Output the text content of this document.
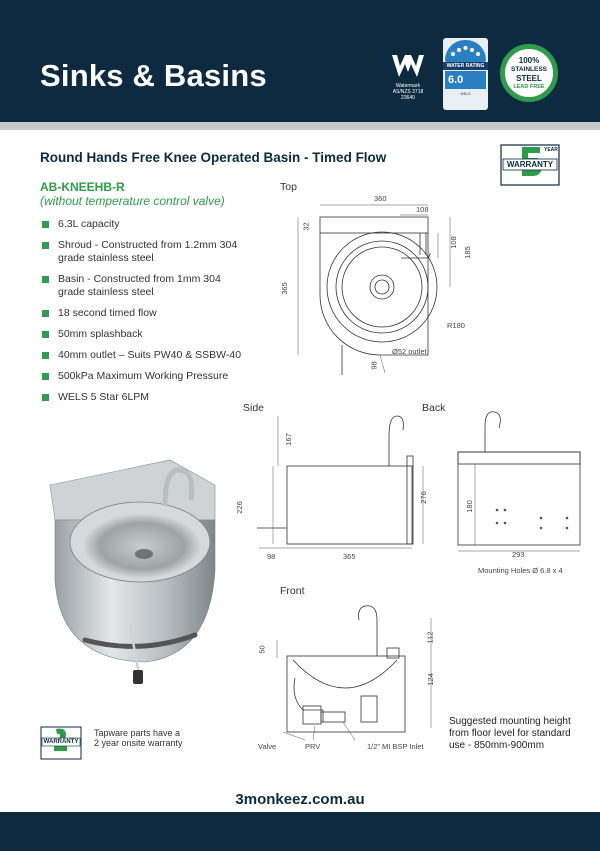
Sinks & Basins	Watermark
AS/NZS 3718
23640
WATER RATING
6.0
WELS
100%
STAINLESS
STEEL
LEAD FREE
Round Hands Free Knee Operated Basin - Timed Flow	WARRANTY
YEAR
AB-KNEEHB-R
(without temperature control valve)
6.3L capacity
Shroud - Constructed from 1.2mm 304 grade stainless steel
Basin - Constructed from 1mm 304 grade stainless steel
18 second timed flow
50mm splashback
40mm outlet – Suits PW40 & SSBW-40
500kPa Maximum Working Pressure
WELS 5 Star 6LPM
Top
360
108
32
108
185
365
R180
Ø52 outlet
98
Side
167
226
276
98	365
Back
180
293
Mounting Holes Ø 6.8 x 4
Front
50
112
124
Valve	PRV	1/2” MI BSP Inlet
WARRANTY
Tapware parts have a 2 year onsite warranty
Suggested mounting height from floor level for standard use - 850mm-900mm
3monkeez.com.au
